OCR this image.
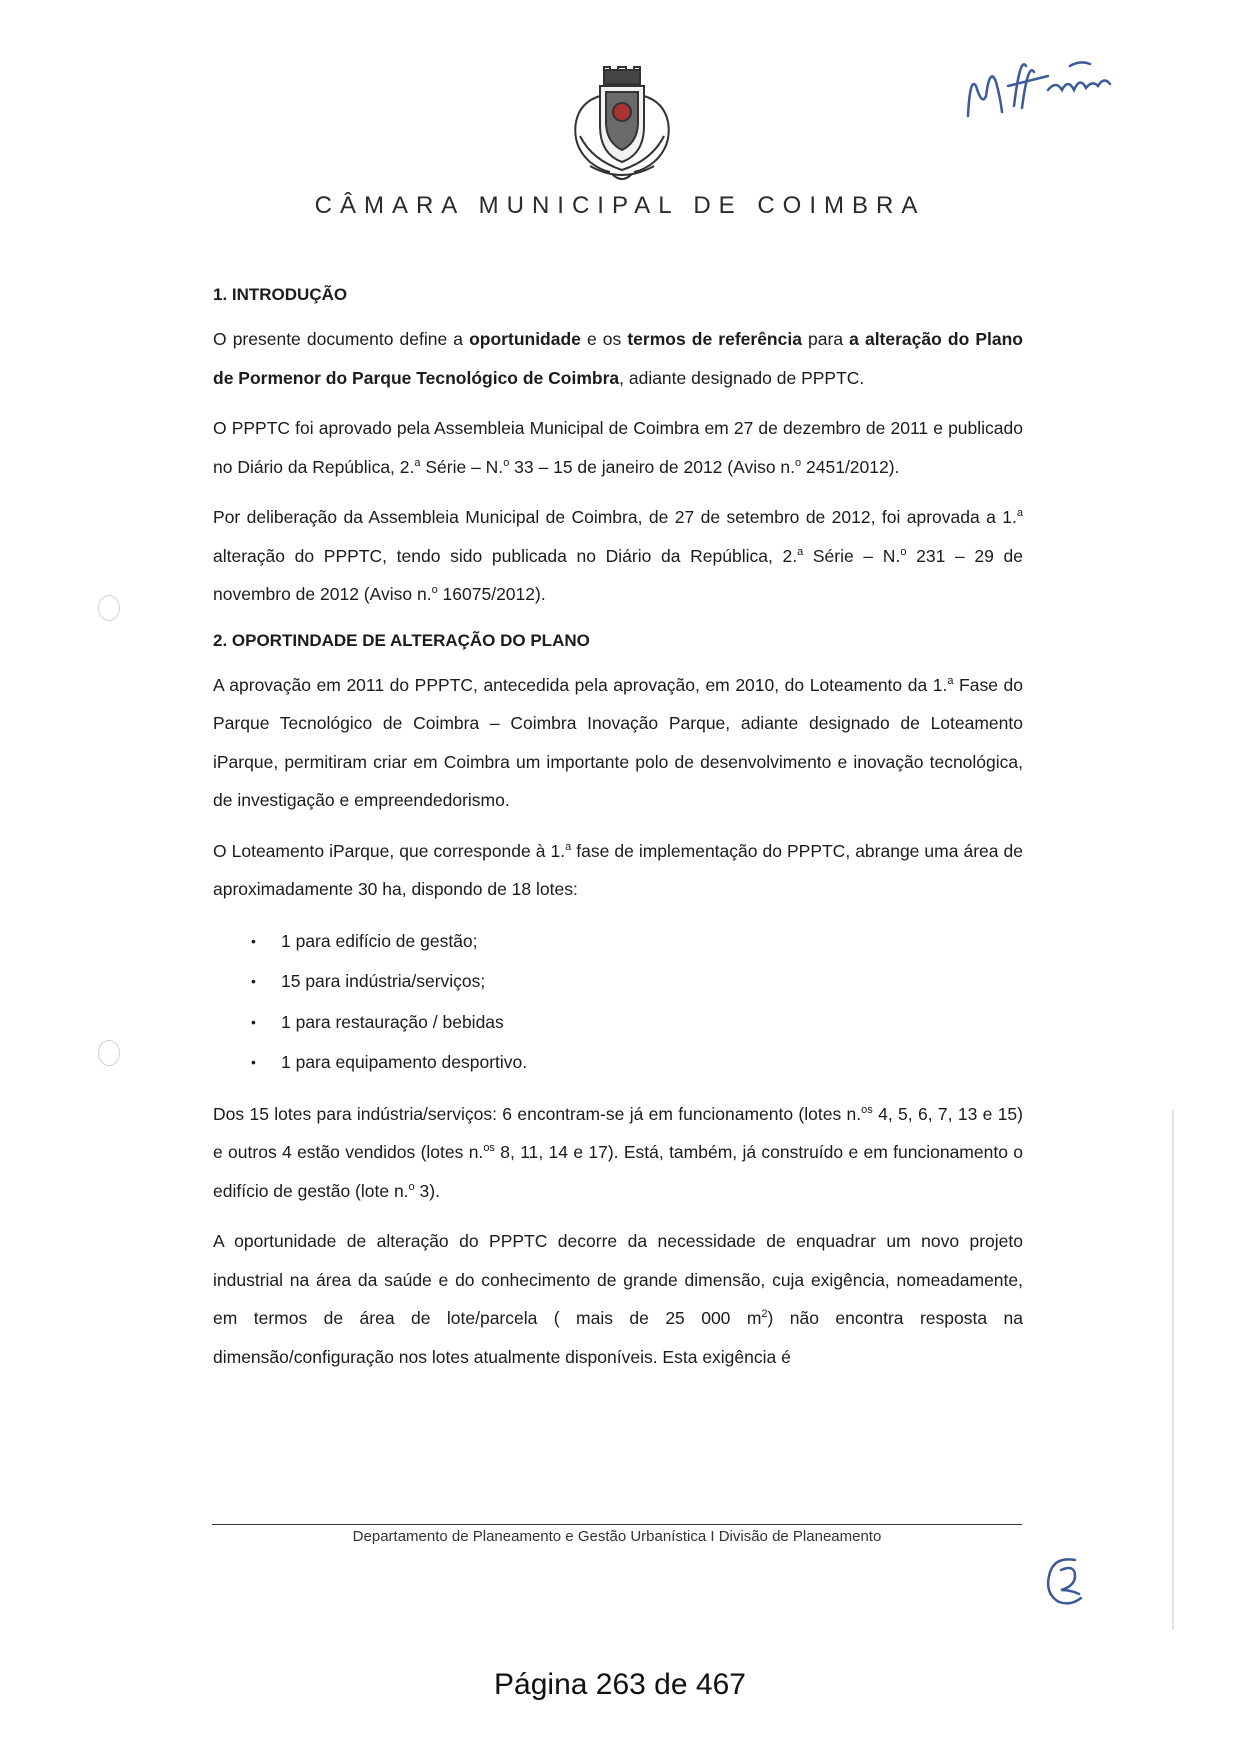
CÂMARA MUNICIPAL DE COIMBRA
1. INTRODUÇÃO

O presente documento define a oportunidade e os termos de referência para a alteração do Plano de Pormenor do Parque Tecnológico de Coimbra, adiante designado de PPPTC.

O PPPTC foi aprovado pela Assembleia Municipal de Coimbra em 27 de dezembro de 2011 e publicado no Diário da República, 2.$^a$ Série – N.$^o$ 33 – 15 de janeiro de 2012 (Aviso n.$^o$ 2451/2012).

Por deliberação da Assembleia Municipal de Coimbra, de 27 de setembro de 2012, foi aprovada a 1.$^a$ alteração do PPPTC, tendo sido publicada no Diário da República, 2.$^a$ Série – N.$^o$ 231 – 29 de novembro de 2012 (Aviso n.$^o$ 16075/2012).

2. OPORTINDADE DE ALTERAÇÃO DO PLANO

A aprovação em 2011 do PPPTC, antecedida pela aprovação, em 2010, do Loteamento da 1.$^a$ Fase do Parque Tecnológico de Coimbra – Coimbra Inovação Parque, adiante designado de Loteamento iParque, permitiram criar em Coimbra um importante polo de desenvolvimento e inovação tecnológica, de investigação e empreendedorismo.

O Loteamento iParque, que corresponde à 1.$^a$ fase de implementação do PPPTC, abrange uma área de aproximadamente 30 ha, dispondo de 18 lotes:

• 1 para edifício de gestão;
• 15 para indústria/serviços;
• 1 para restauração / bebidas
• 1 para equipamento desportivo.

Dos 15 lotes para indústria/serviços: 6 encontram-se já em funcionamento (lotes n.$^{os}$ 4, 5, 6, 7, 13 e 15) e outros 4 estão vendidos (lotes n.$^{os}$ 8, 11, 14 e 17). Está, também, já construído e em funcionamento o edifício de gestão (lote n.$^o$ 3).

A oportunidade de alteração do PPPTC decorre da necessidade de enquadrar um novo projeto industrial na área da saúde e do conhecimento de grande dimensão, cuja exigência, nomeadamente, em termos de área de lote/parcela ( mais de 25 000 $m^2$) não encontra resposta na dimensão/configuração nos lotes atualmente disponíveis. Esta exigência é

Departamento de Planeamento e Gestão Urbanística I Divisão de Planeamento
Página 263 de 467
